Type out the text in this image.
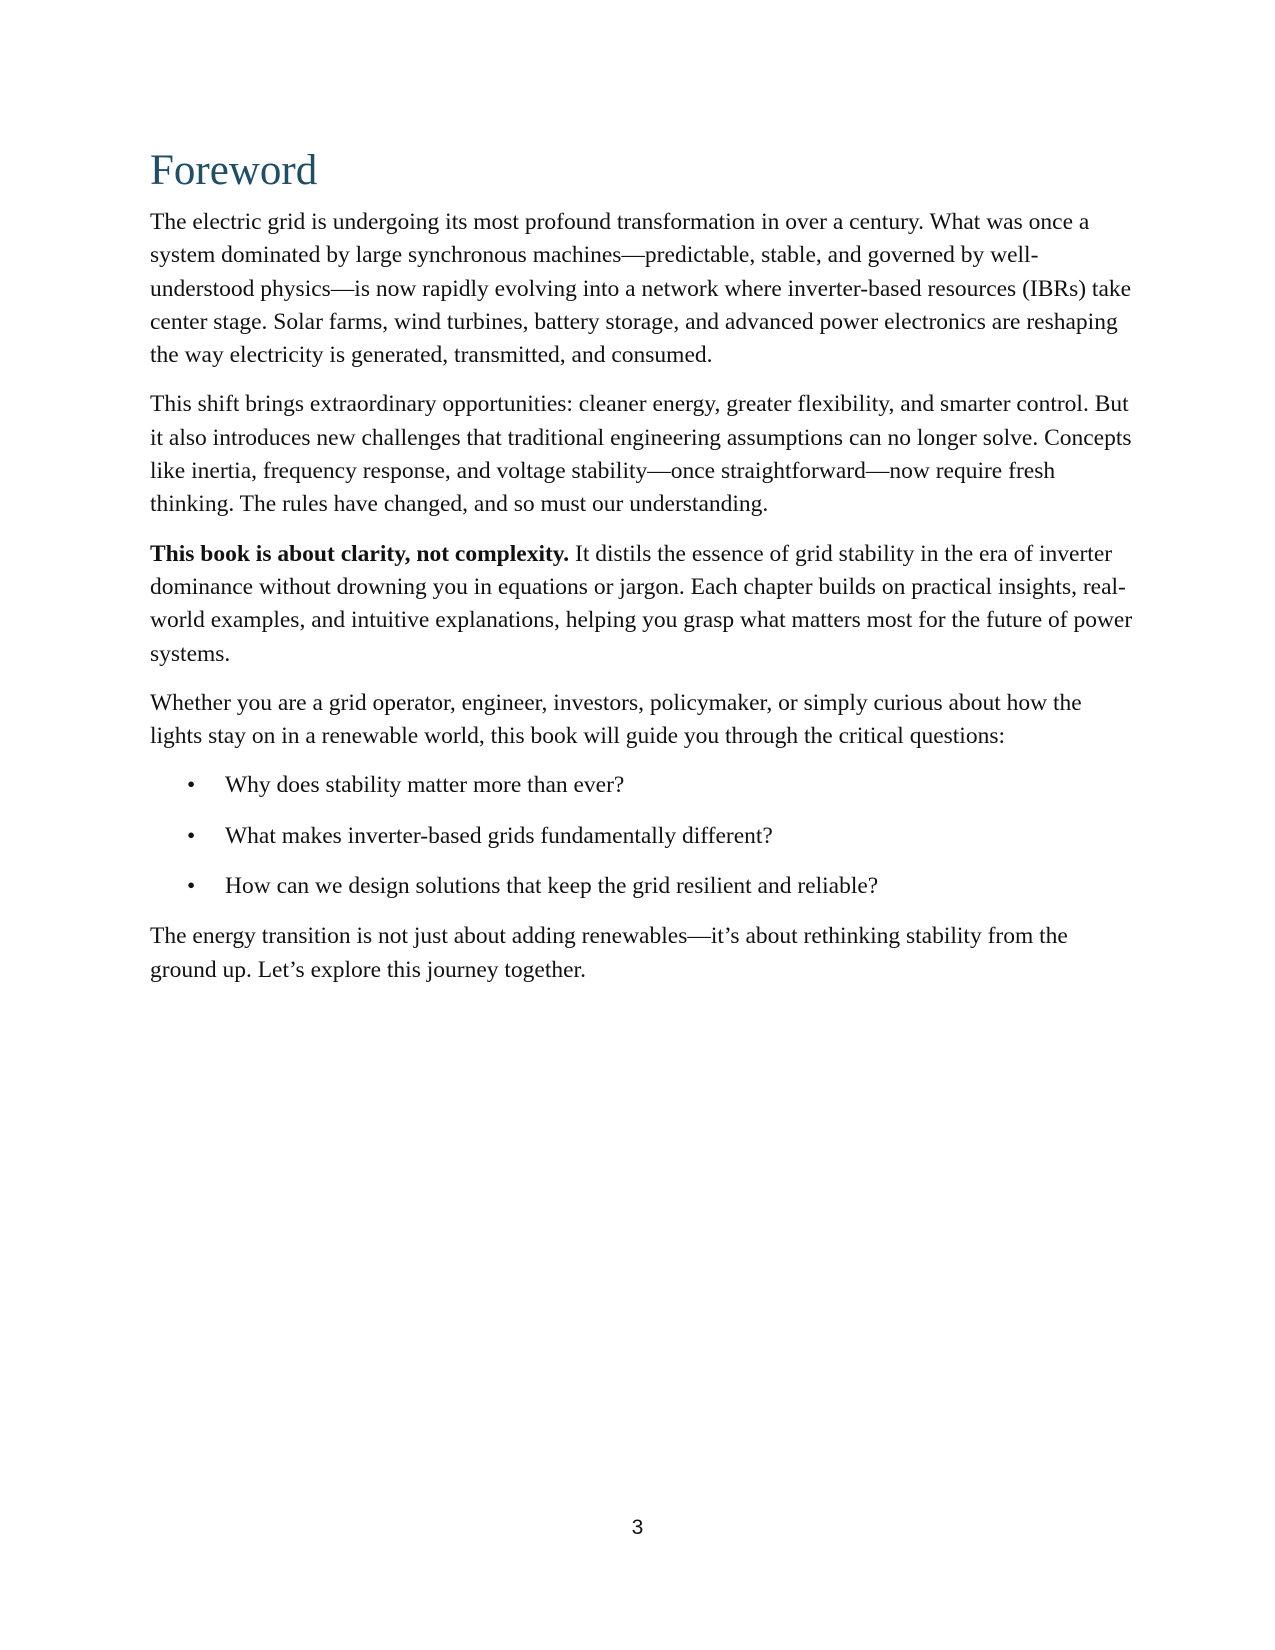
Foreword

The electric grid is undergoing its most profound transformation in over a century. What was once a system dominated by large synchronous machines—predictable, stable, and governed by well-understood physics—is now rapidly evolving into a network where inverter-based resources (IBRs) take center stage. Solar farms, wind turbines, battery storage, and advanced power electronics are reshaping the way electricity is generated, transmitted, and consumed.

This shift brings extraordinary opportunities: cleaner energy, greater flexibility, and smarter control. But it also introduces new challenges that traditional engineering assumptions can no longer solve. Concepts like inertia, frequency response, and voltage stability—once straightforward—now require fresh thinking. The rules have changed, and so must our understanding.

This book is about clarity, not complexity. It distils the essence of grid stability in the era of inverter dominance without drowning you in equations or jargon. Each chapter builds on practical insights, real-world examples, and intuitive explanations, helping you grasp what matters most for the future of power systems.

Whether you are a grid operator, engineer, investors, policymaker, or simply curious about how the lights stay on in a renewable world, this book will guide you through the critical questions:

• Why does stability matter more than ever?
• What makes inverter-based grids fundamentally different?
• How can we design solutions that keep the grid resilient and reliable?

The energy transition is not just about adding renewables—it’s about rethinking stability from the ground up. Let’s explore this journey together.

3
